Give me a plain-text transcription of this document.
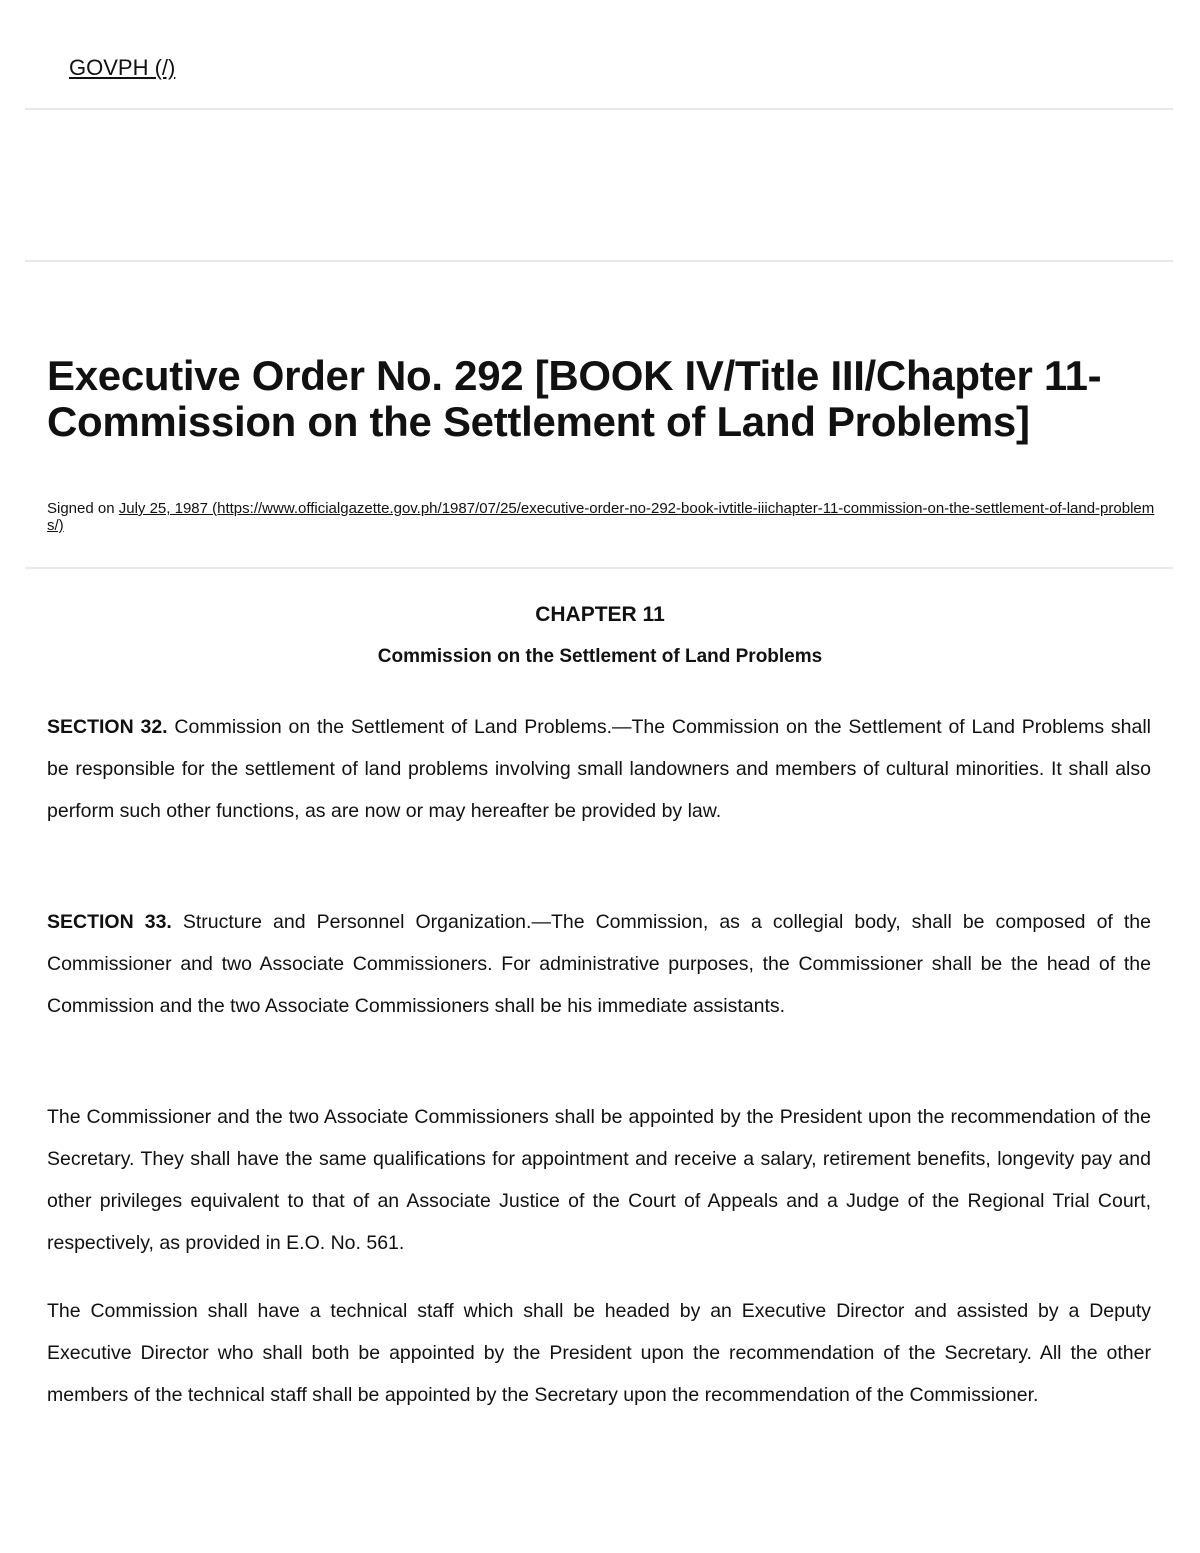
GOVPH (/)
Executive Order No. 292 [BOOK IV/Title III/Chapter 11-Commission on the Settlement of Land Problems]
Signed on July 25, 1987 (https://www.officialgazette.gov.ph/1987/07/25/executive-order-no-292-book-ivtitle-iiichapter-11-commission-on-the-settlement-of-land-problems/)
CHAPTER 11
Commission on the Settlement of Land Problems

SECTION 32. Commission on the Settlement of Land Problems.—The Commission on the Settlement of Land Problems shall be responsible for the settlement of land problems involving small landowners and members of cultural minorities. It shall also perform such other functions, as are now or may hereafter be provided by law.

SECTION 33. Structure and Personnel Organization.—The Commission, as a collegial body, shall be composed of the Commissioner and two Associate Commissioners. For administrative purposes, the Commissioner shall be the head of the Commission and the two Associate Commissioners shall be his immediate assistants.

The Commissioner and the two Associate Commissioners shall be appointed by the President upon the recommendation of the Secretary. They shall have the same qualifications for appointment and receive a salary, retirement benefits, longevity pay and other privileges equivalent to that of an Associate Justice of the Court of Appeals and a Judge of the Regional Trial Court, respectively, as provided in E.O. No. 561.

The Commission shall have a technical staff which shall be headed by an Executive Director and assisted by a Deputy Executive Director who shall both be appointed by the President upon the recommendation of the Secretary. All the other members of the technical staff shall be appointed by the Secretary upon the recommendation of the Commissioner.
